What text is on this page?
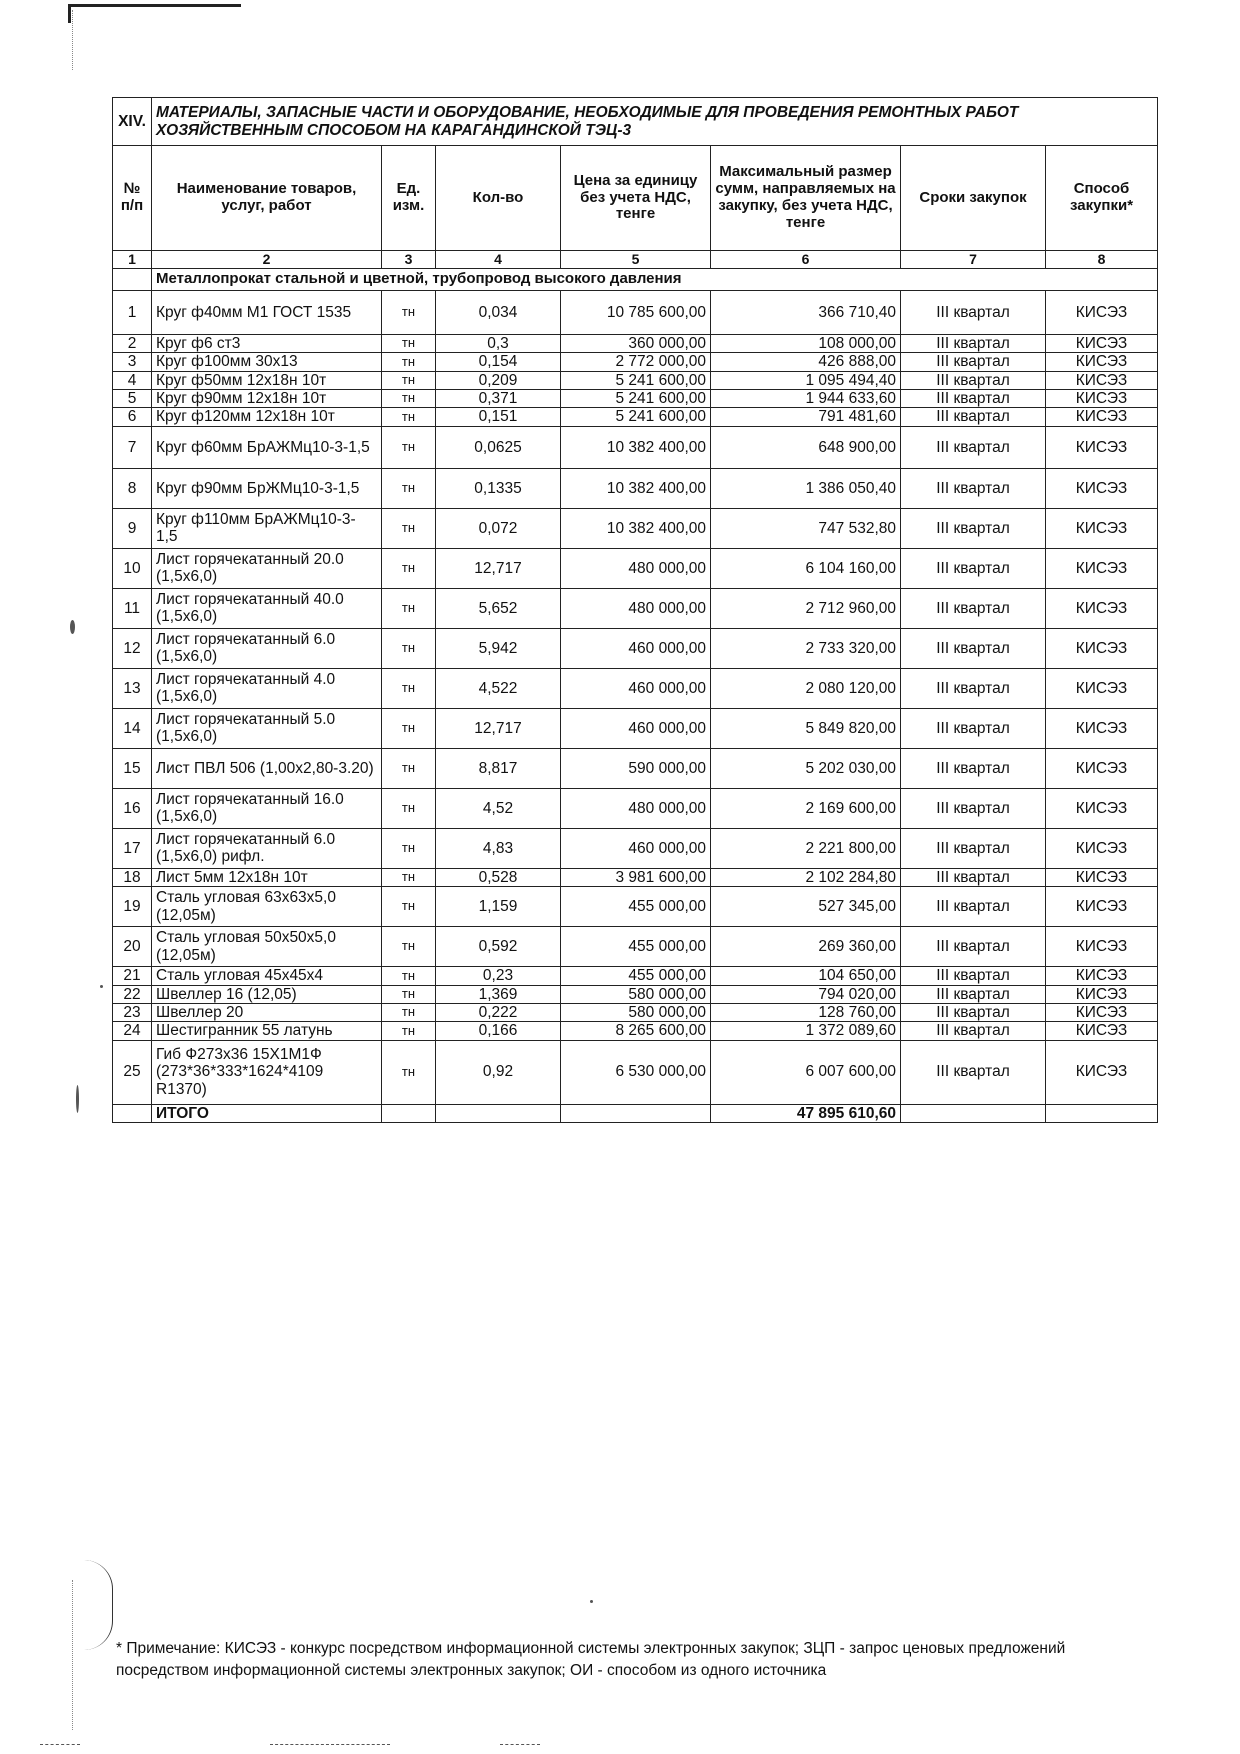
XIV.	МАТЕРИАЛЫ, ЗАПАСНЫЕ ЧАСТИ И ОБОРУДОВАНИЕ, НЕОБХОДИМЫЕ ДЛЯ ПРОВЕДЕНИЯ РЕМОНТНЫХ РАБОТ ХОЗЯЙСТВЕННЫМ СПОСОБОМ НА КАРАГАНДИНСКОЙ ТЭЦ-3						
№ п/п	Наименование товаров, услуг, работ	Ед. изм.	Кол-во	Цена за единицу без учета НДС, тенге	Максимальный размер сумм, направляемых на закупку, без учета НДС, тенге	Сроки закупок	Способ закупки*
1	2	3	4	5	6	7	8
	Металлопрокат стальной и цветной, трубопровод высокого давления						
1	Круг ф40мм М1 ГОСТ 1535	тн	0,034	10 785 600,00	366 710,40	III квартал	КИСЭЗ
2	Круг ф6 ст3	тн	0,3	360 000,00	108 000,00	III квартал	КИСЭЗ
3	Круг ф100мм 30х13	тн	0,154	2 772 000,00	426 888,00	III квартал	КИСЭЗ
4	Круг ф50мм 12х18н 10т	тн	0,209	5 241 600,00	1 095 494,40	III квартал	КИСЭЗ
5	Круг ф90мм 12х18н 10т	тн	0,371	5 241 600,00	1 944 633,60	III квартал	КИСЭЗ
6	Круг ф120мм 12х18н 10т	тн	0,151	5 241 600,00	791 481,60	III квартал	КИСЭЗ
7	Круг ф60мм БрАЖМц10-3-1,5	тн	0,0625	10 382 400,00	648 900,00	III квартал	КИСЭЗ
8	Круг ф90мм БрЖМц10-3-1,5	тн	0,1335	10 382 400,00	1 386 050,40	III квартал	КИСЭЗ
9	Круг ф110мм БрАЖМц10-3-1,5	тн	0,072	10 382 400,00	747 532,80	III квартал	КИСЭЗ
10	Лист горячекатанный 20.0 (1,5х6,0)	тн	12,717	480 000,00	6 104 160,00	III квартал	КИСЭЗ
11	Лист горячекатанный 40.0 (1,5х6,0)	тн	5,652	480 000,00	2 712 960,00	III квартал	КИСЭЗ
12	Лист горячекатанный 6.0 (1,5х6,0)	тн	5,942	460 000,00	2 733 320,00	III квартал	КИСЭЗ
13	Лист горячекатанный 4.0 (1,5х6,0)	тн	4,522	460 000,00	2 080 120,00	III квартал	КИСЭЗ
14	Лист горячекатанный 5.0 (1,5х6,0)	тн	12,717	460 000,00	5 849 820,00	III квартал	КИСЭЗ
15	Лист ПВЛ 506 (1,00х2,80-3.20)	тн	8,817	590 000,00	5 202 030,00	III квартал	КИСЭЗ
16	Лист горячекатанный 16.0 (1,5х6,0)	тн	4,52	480 000,00	2 169 600,00	III квартал	КИСЭЗ
17	Лист горячекатанный 6.0 (1,5х6,0) рифл.	тн	4,83	460 000,00	2 221 800,00	III квартал	КИСЭЗ
18	Лист 5мм 12х18н 10т	тн	0,528	3 981 600,00	2 102 284,80	III квартал	КИСЭЗ
19	Сталь угловая 63х63х5,0 (12,05м)	тн	1,159	455 000,00	527 345,00	III квартал	КИСЭЗ
20	Сталь угловая 50х50х5,0 (12,05м)	тн	0,592	455 000,00	269 360,00	III квартал	КИСЭЗ
21	Сталь угловая 45х45х4	тн	0,23	455 000,00	104 650,00	III квартал	КИСЭЗ
22	Швеллер 16 (12,05)	тн	1,369	580 000,00	794 020,00	III квартал	КИСЭЗ
23	Швеллер 20	тн	0,222	580 000,00	128 760,00	III квартал	КИСЭЗ
24	Шестигранник 55 латунь	тн	0,166	8 265 600,00	1 372 089,60	III квартал	КИСЭЗ
25	Гиб Ф273х36 15Х1М1Ф (273*36*333*1624*4109 R1370)	тн	0,92	6 530 000,00	6 007 600,00	III квартал	КИСЭЗ
	ИТОГО				47 895 610,60		
* Примечание: КИСЭЗ - конкурс посредством информационной системы электронных закупок; ЗЦП - запрос ценовых предложений посредством информационной системы электронных закупок; ОИ - способом из одного источника
